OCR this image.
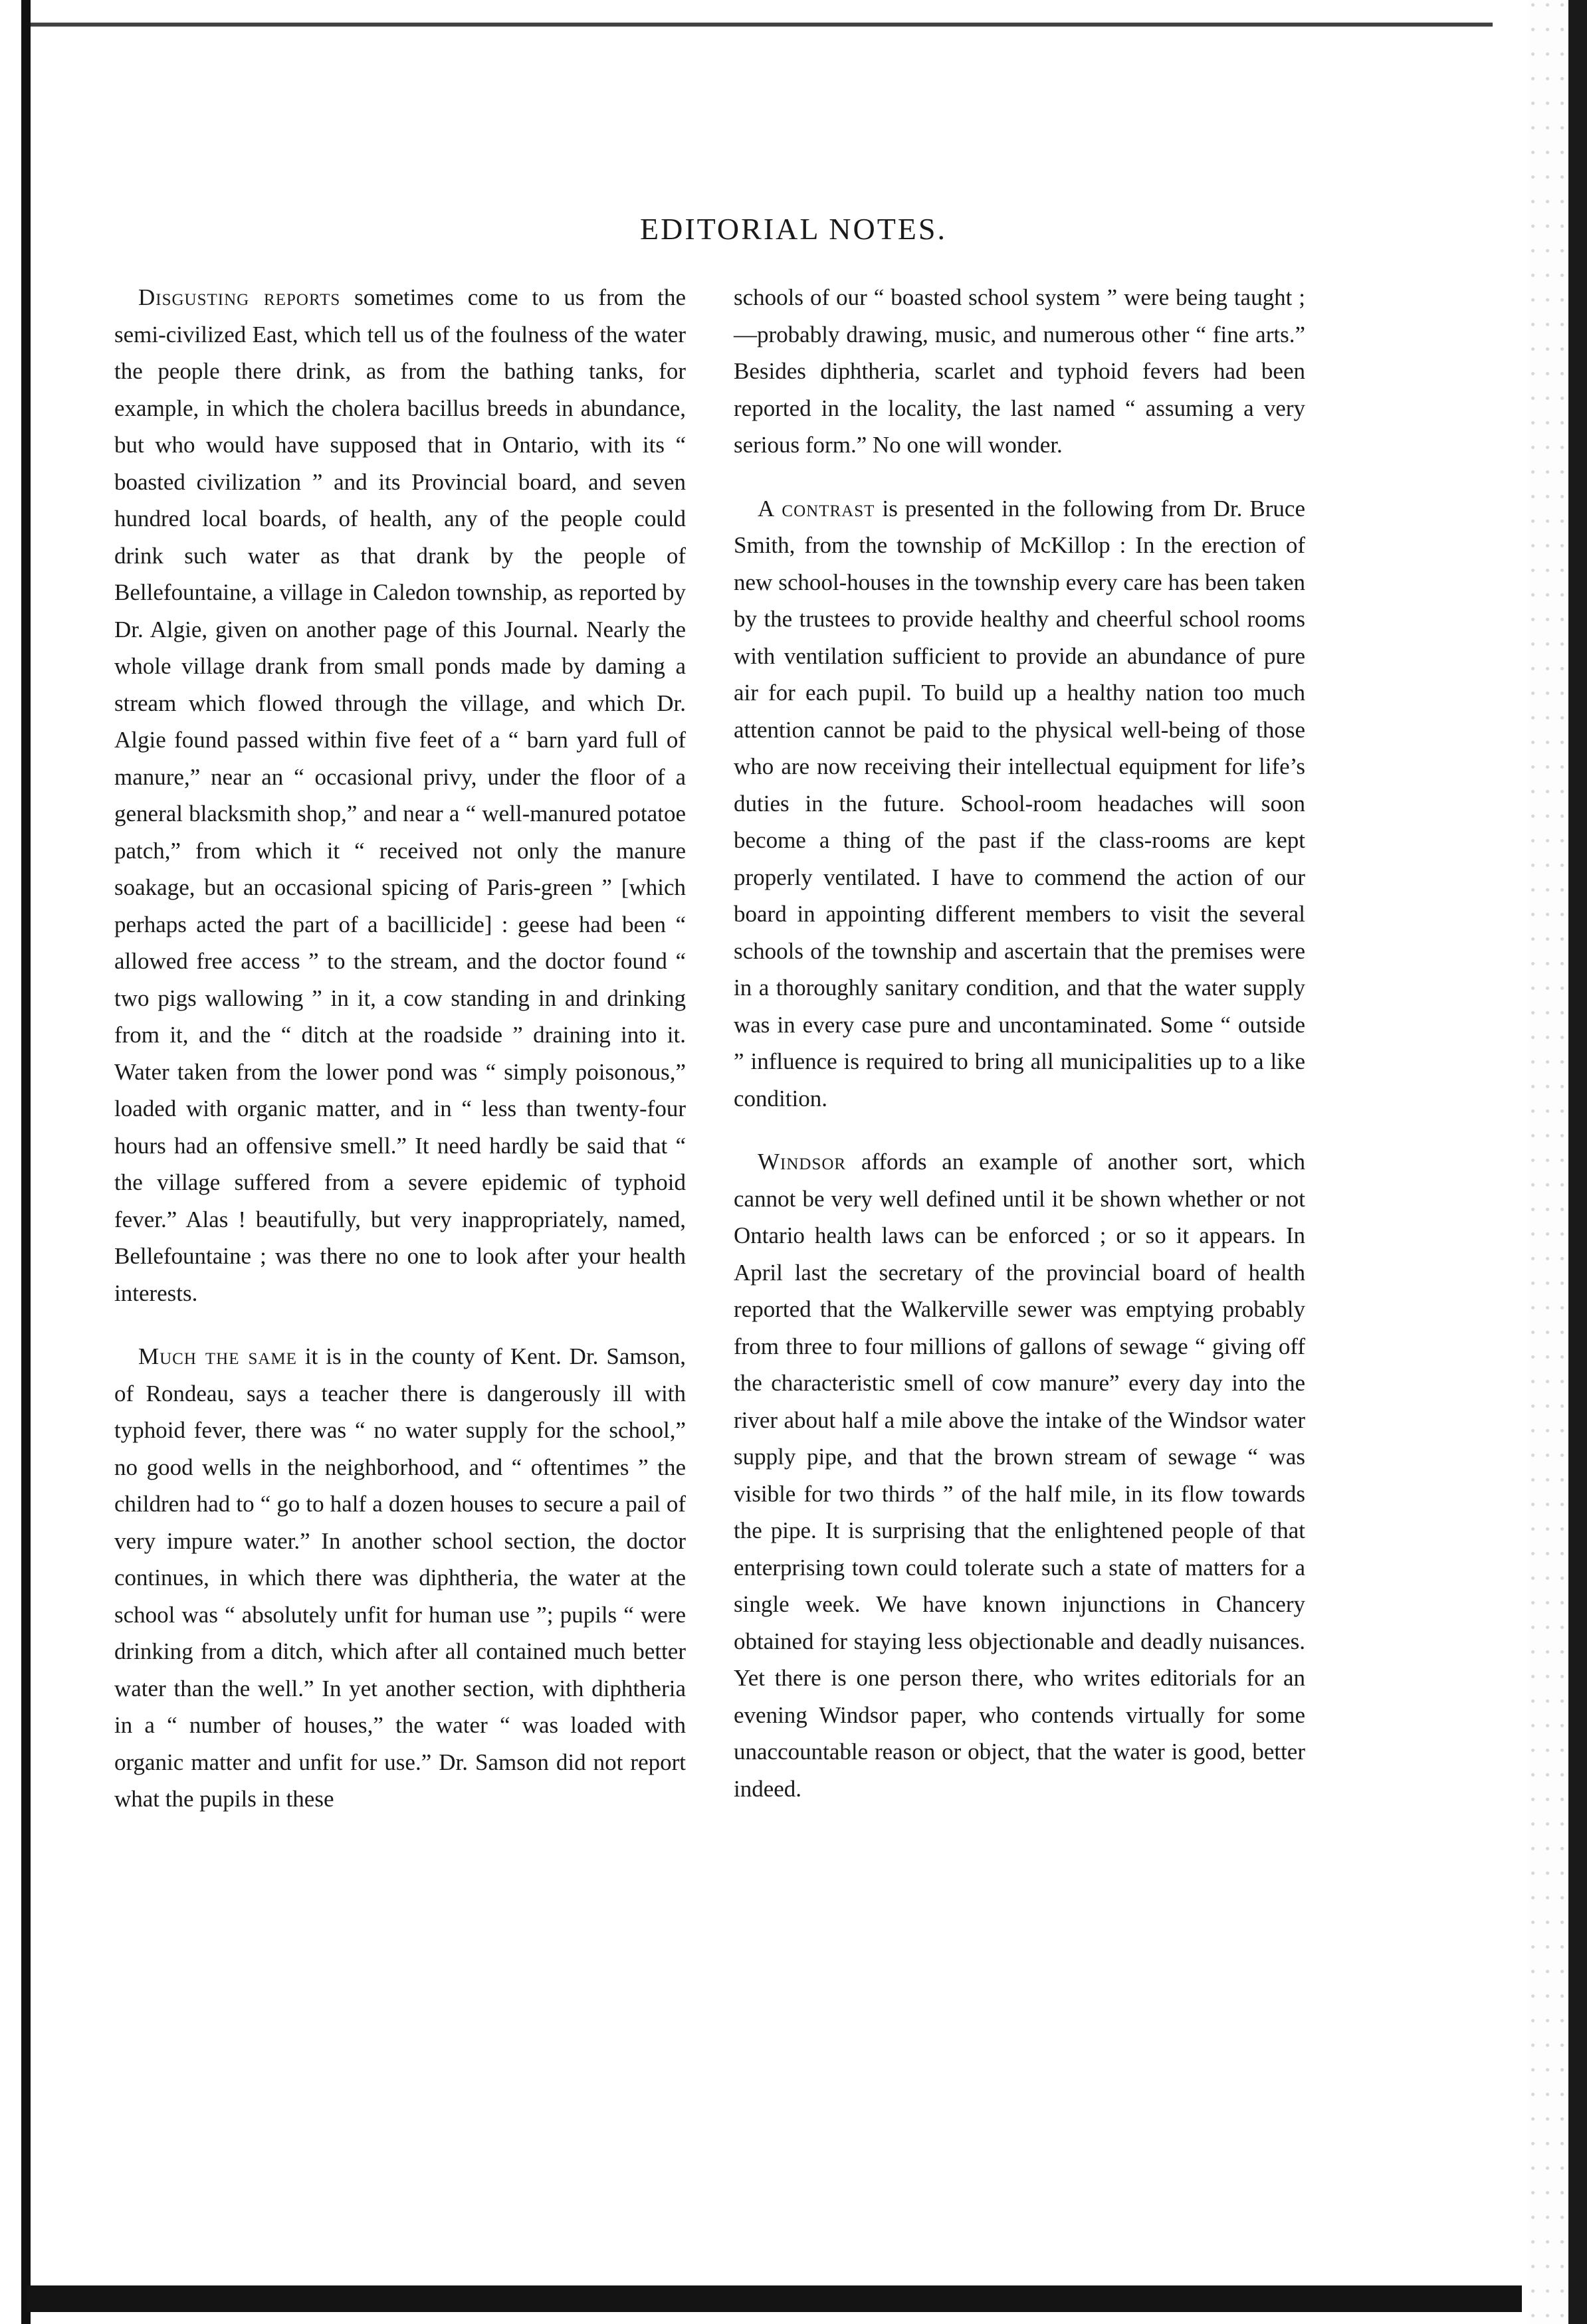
EDITORIAL NOTES.

Disgusting reports sometimes come to us from the semi-civilized East, which tell us of the foulness of the water the people there drink, as from the bathing tanks, for example, in which the cholera bacillus breeds in abundance, but who would have supposed that in Ontario, with its “ boasted civilization ” and its Provincial board, and seven hundred local boards, of health, any of the people could drink such water as that drank by the people of Bellefountaine, a village in Caledon township, as reported by Dr. Algie, given on another page of this Journal. Nearly the whole village drank from small ponds made by daming a stream which flowed through the village, and which Dr. Algie found passed within five feet of a “ barn yard full of manure,” near an “ occasional privy, under the floor of a general blacksmith shop,” and near a “ well-manured potatoe patch,” from which it “ received not only the manure soakage, but an occasional spicing of Paris-green ” [which perhaps acted the part of a bacillicide] : geese had been “ allowed free access ” to the stream, and the doctor found “ two pigs wallowing ” in it, a cow standing in and drinking from it, and the “ ditch at the roadside ” draining into it. Water taken from the lower pond was “ simply poisonous,” loaded with organic matter, and in “ less than twenty-four hours had an offensive smell.” It need hardly be said that “ the village suffered from a severe epidemic of typhoid fever.” Alas ! beautifully, but very inappropriately, named, Bellefountaine ; was there no one to look after your health interests.

Much the same it is in the county of Kent. Dr. Samson, of Rondeau, says a teacher there is dangerously ill with typhoid fever, there was “ no water supply for the school,” no good wells in the neighborhood, and “ oftentimes ” the children had to “ go to half a dozen houses to secure a pail of very impure water.” In another school section, the doctor continues, in which there was diphtheria, the water at the school was “ absolutely unfit for human use ”; pupils “ were drinking from a ditch, which after all contained much better water than the well.” In yet another section, with diphtheria in a “ number of houses,” the water “ was loaded with organic matter and unfit for use.” Dr. Samson did not report what the pupils in these

schools of our “ boasted school system ” were being taught ;—probably drawing, music, and numerous other “ fine arts.” Besides diphtheria, scarlet and typhoid fevers had been reported in the locality, the last named “ assuming a very serious form.” No one will wonder.

A contrast is presented in the following from Dr. Bruce Smith, from the township of McKillop : In the erection of new school-houses in the township every care has been taken by the trustees to provide healthy and cheerful school rooms with ventilation sufficient to provide an abundance of pure air for each pupil. To build up a healthy nation too much attention cannot be paid to the physical well-being of those who are now receiving their intellectual equipment for life’s duties in the future. School-room headaches will soon become a thing of the past if the class-rooms are kept properly ventilated. I have to commend the action of our board in appointing different members to visit the several schools of the township and ascertain that the premises were in a thoroughly sanitary condition, and that the water supply was in every case pure and uncontaminated. Some “ outside ” influence is required to bring all municipalities up to a like condition.

Windsor affords an example of another sort, which cannot be very well defined until it be shown whether or not Ontario health laws can be enforced ; or so it appears. In April last the secretary of the provincial board of health reported that the Walkerville sewer was emptying probably from three to four millions of gallons of sewage “ giving off the characteristic smell of cow manure” every day into the river about half a mile above the intake of the Windsor water supply pipe, and that the brown stream of sewage “ was visible for two thirds ” of the half mile, in its flow towards the pipe. It is surprising that the enlightened people of that enterprising town could tolerate such a state of matters for a single week. We have known injunctions in Chancery obtained for staying less objectionable and deadly nuisances. Yet there is one person there, who writes editorials for an evening Windsor paper, who contends virtually for some unaccountable reason or object, that the water is good, better indeed.
